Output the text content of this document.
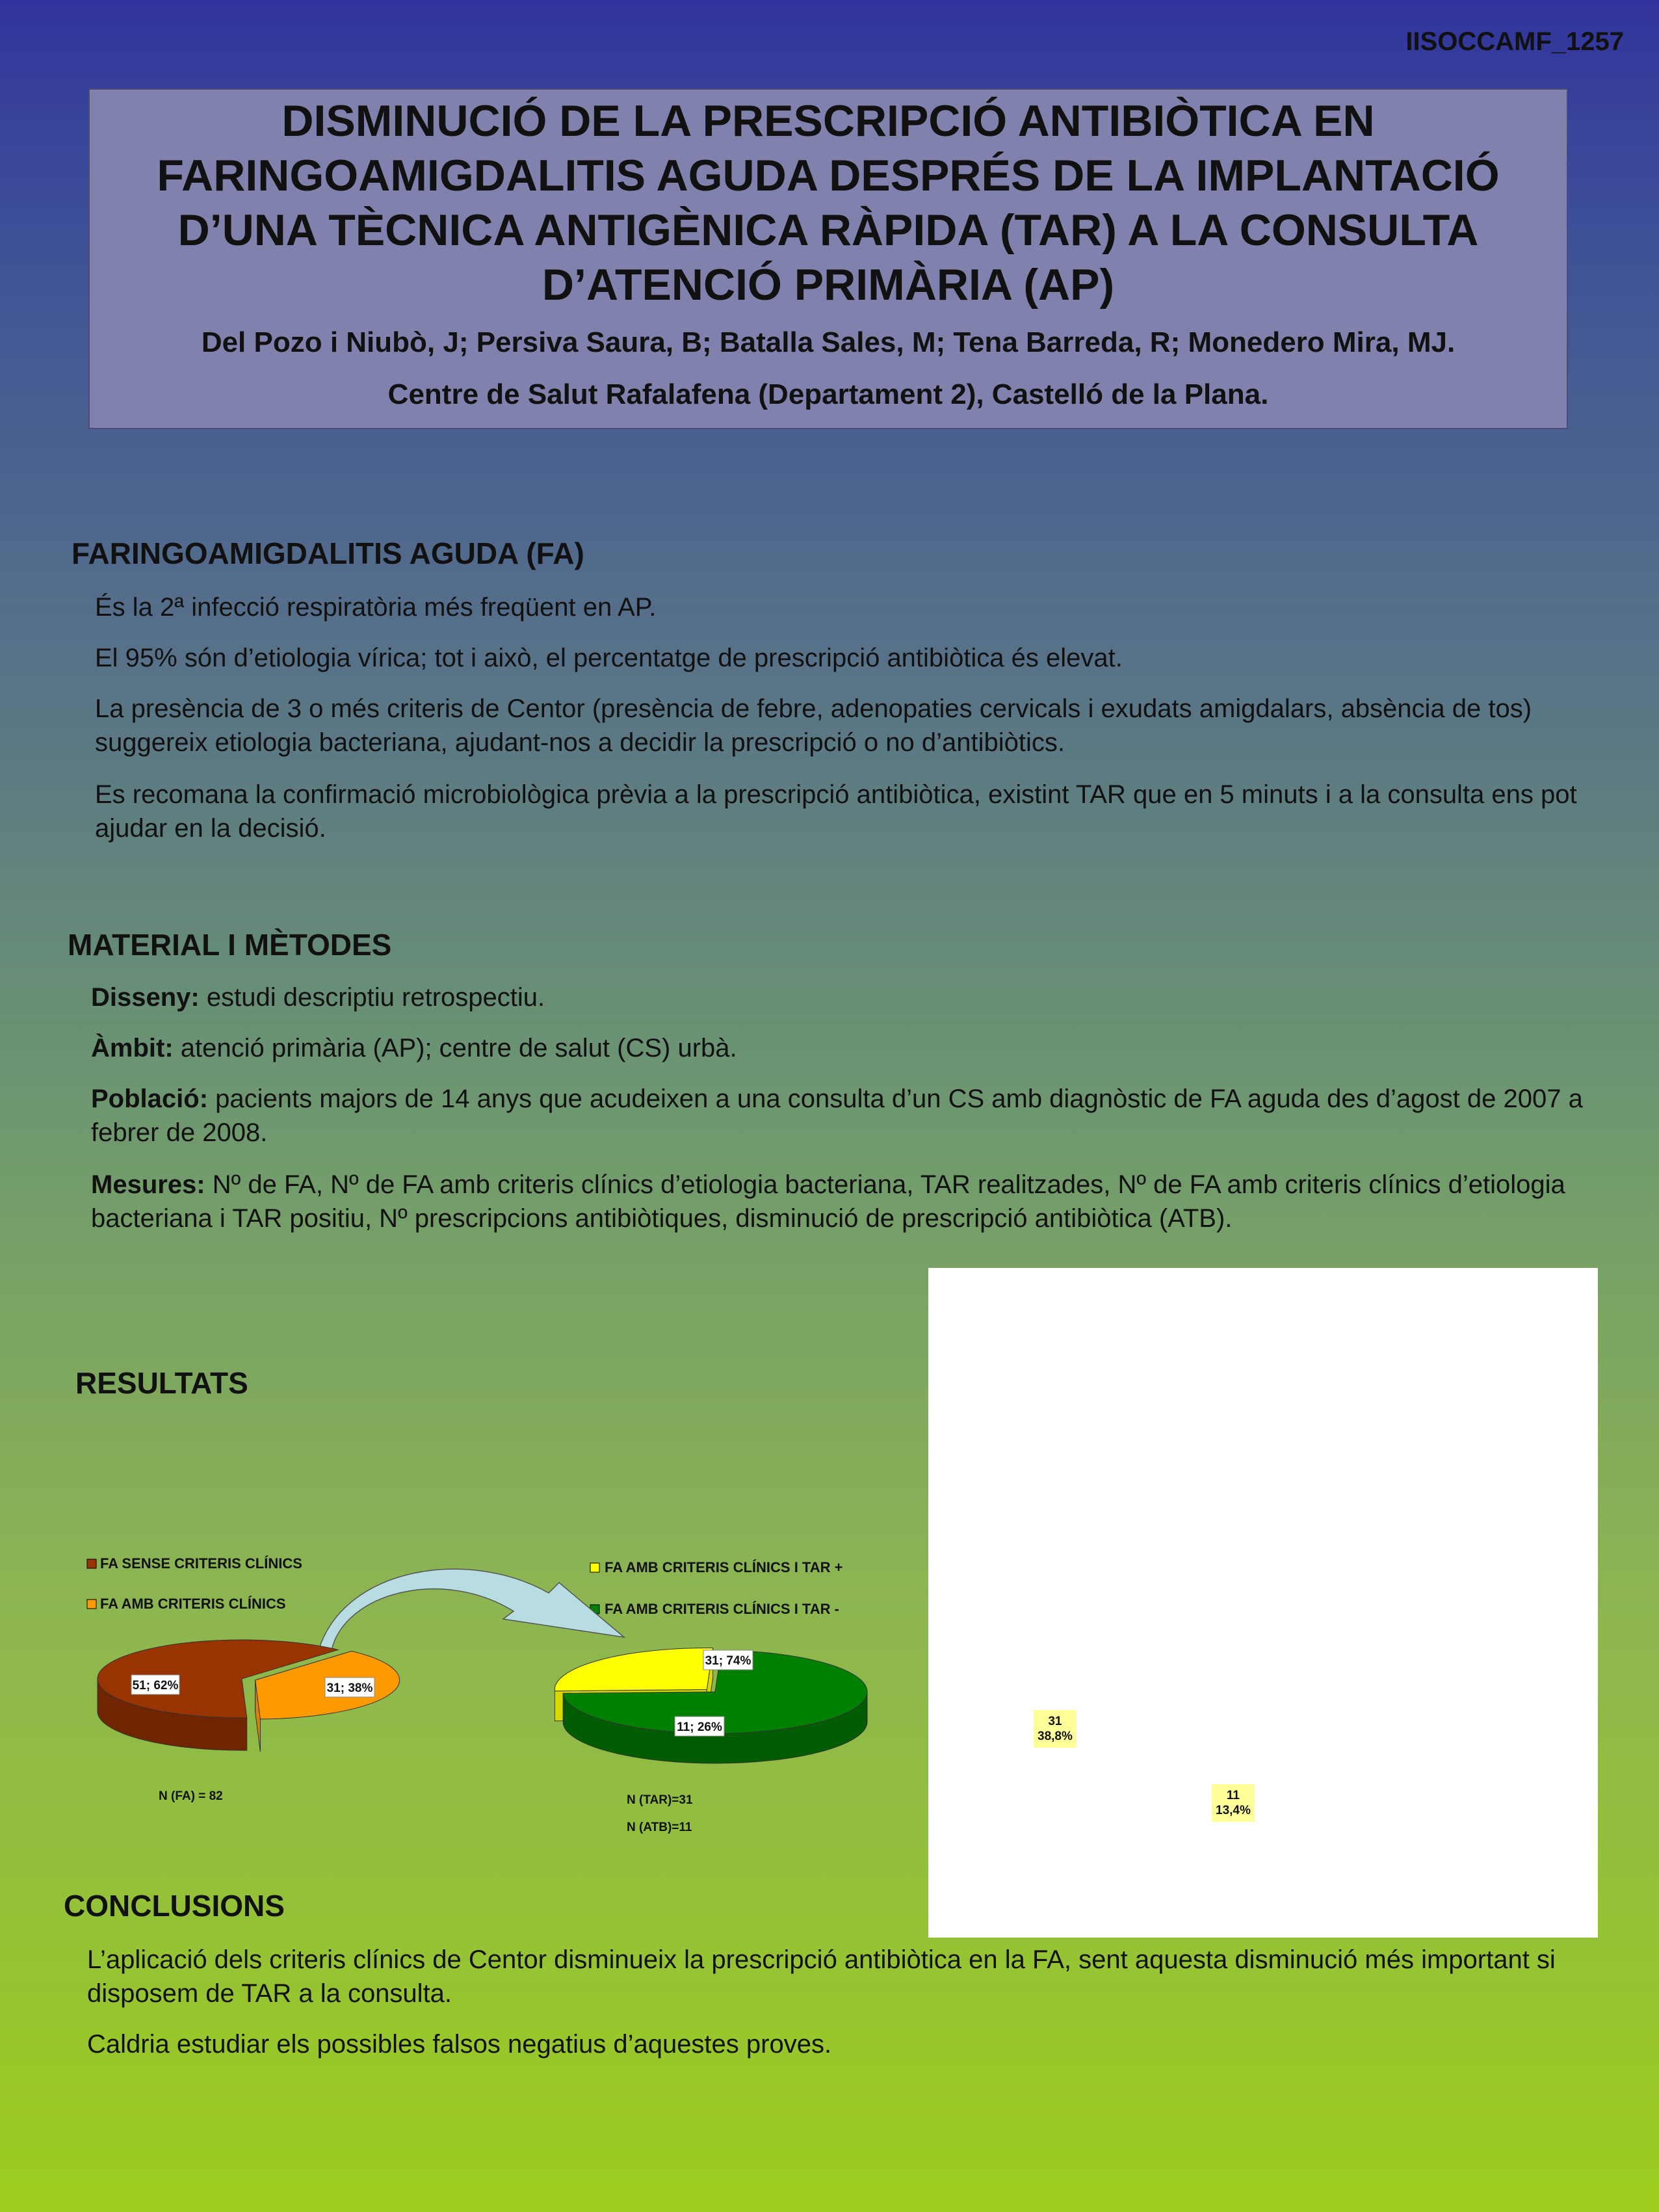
IISOCCAMF_1257
DISMINUCIÓ DE LA PRESCRIPCIÓ ANTIBIÒTICA EN
FARINGOAMIGDALITIS AGUDA DESPRÉS DE LA IMPLANTACIÓ
D’UNA TÈCNICA ANTIGÈNICA RÀPIDA (TAR) A LA CONSULTA
D’ATENCIÓ PRIMÀRIA (AP)
Del Pozo i Niubò, J; Persiva Saura, B; Batalla Sales, M; Tena Barreda, R; Monedero Mira, MJ.
Centre de Salut Rafalafena (Departament 2), Castelló de la Plana.
FARINGOAMIGDALITIS AGUDA (FA)
És la 2ª infecció respiratòria més freqüent en AP.
El 95% són d’etiologia vírica; tot i això, el percentatge de prescripció antibiòtica és elevat.
La presència de 3 o més criteris de Centor (presència de febre, adenopaties cervicals i exudats amigdalars, absència de tos) suggereix etiologia bacteriana, ajudant-nos a decidir la prescripció o no d’antibiòtics.
Es recomana la confirmació microbiològica prèvia a la prescripció antibiòtica, existint TAR que en 5 minuts i a la consulta ens pot ajudar en la decisió.
MATERIAL I MÈTODES
Disseny: estudi descriptiu retrospectiu.
Àmbit: atenció primària (AP); centre de salut (CS) urbà.
Població: pacients majors de 14 anys que acudeixen a una consulta d’un CS amb diagnòstic de FA aguda des d’agost de 2007 a febrer de 2008.
Mesures: Nº de FA, Nº de FA amb criteris clínics d’etiologia bacteriana, TAR realitzades, Nº de FA amb criteris clínics d’etiologia bacteriana i TAR positiu, Nº prescripcions antibiòtiques, disminució de prescripció antibiòtica (ATB).
RESULTATS
31
38,8%
11
13,4%
FA SENSE CRITERIS CLÍNICS
FA AMB CRITERIS CLÍNICS
FA AMB CRITERIS CLÍNICS I TAR +
FA AMB CRITERIS CLÍNICS I TAR -
51; 62%	31; 38%
31; 74%
11; 26%
N (FA) = 82	N (TAR)=31
N (ATB)=11
CONCLUSIONS
L’aplicació dels criteris clínics de Centor disminueix la prescripció antibiòtica en la FA, sent aquesta disminució més important si disposem de TAR a la consulta.
Caldria estudiar els possibles falsos negatius d’aquestes proves.
